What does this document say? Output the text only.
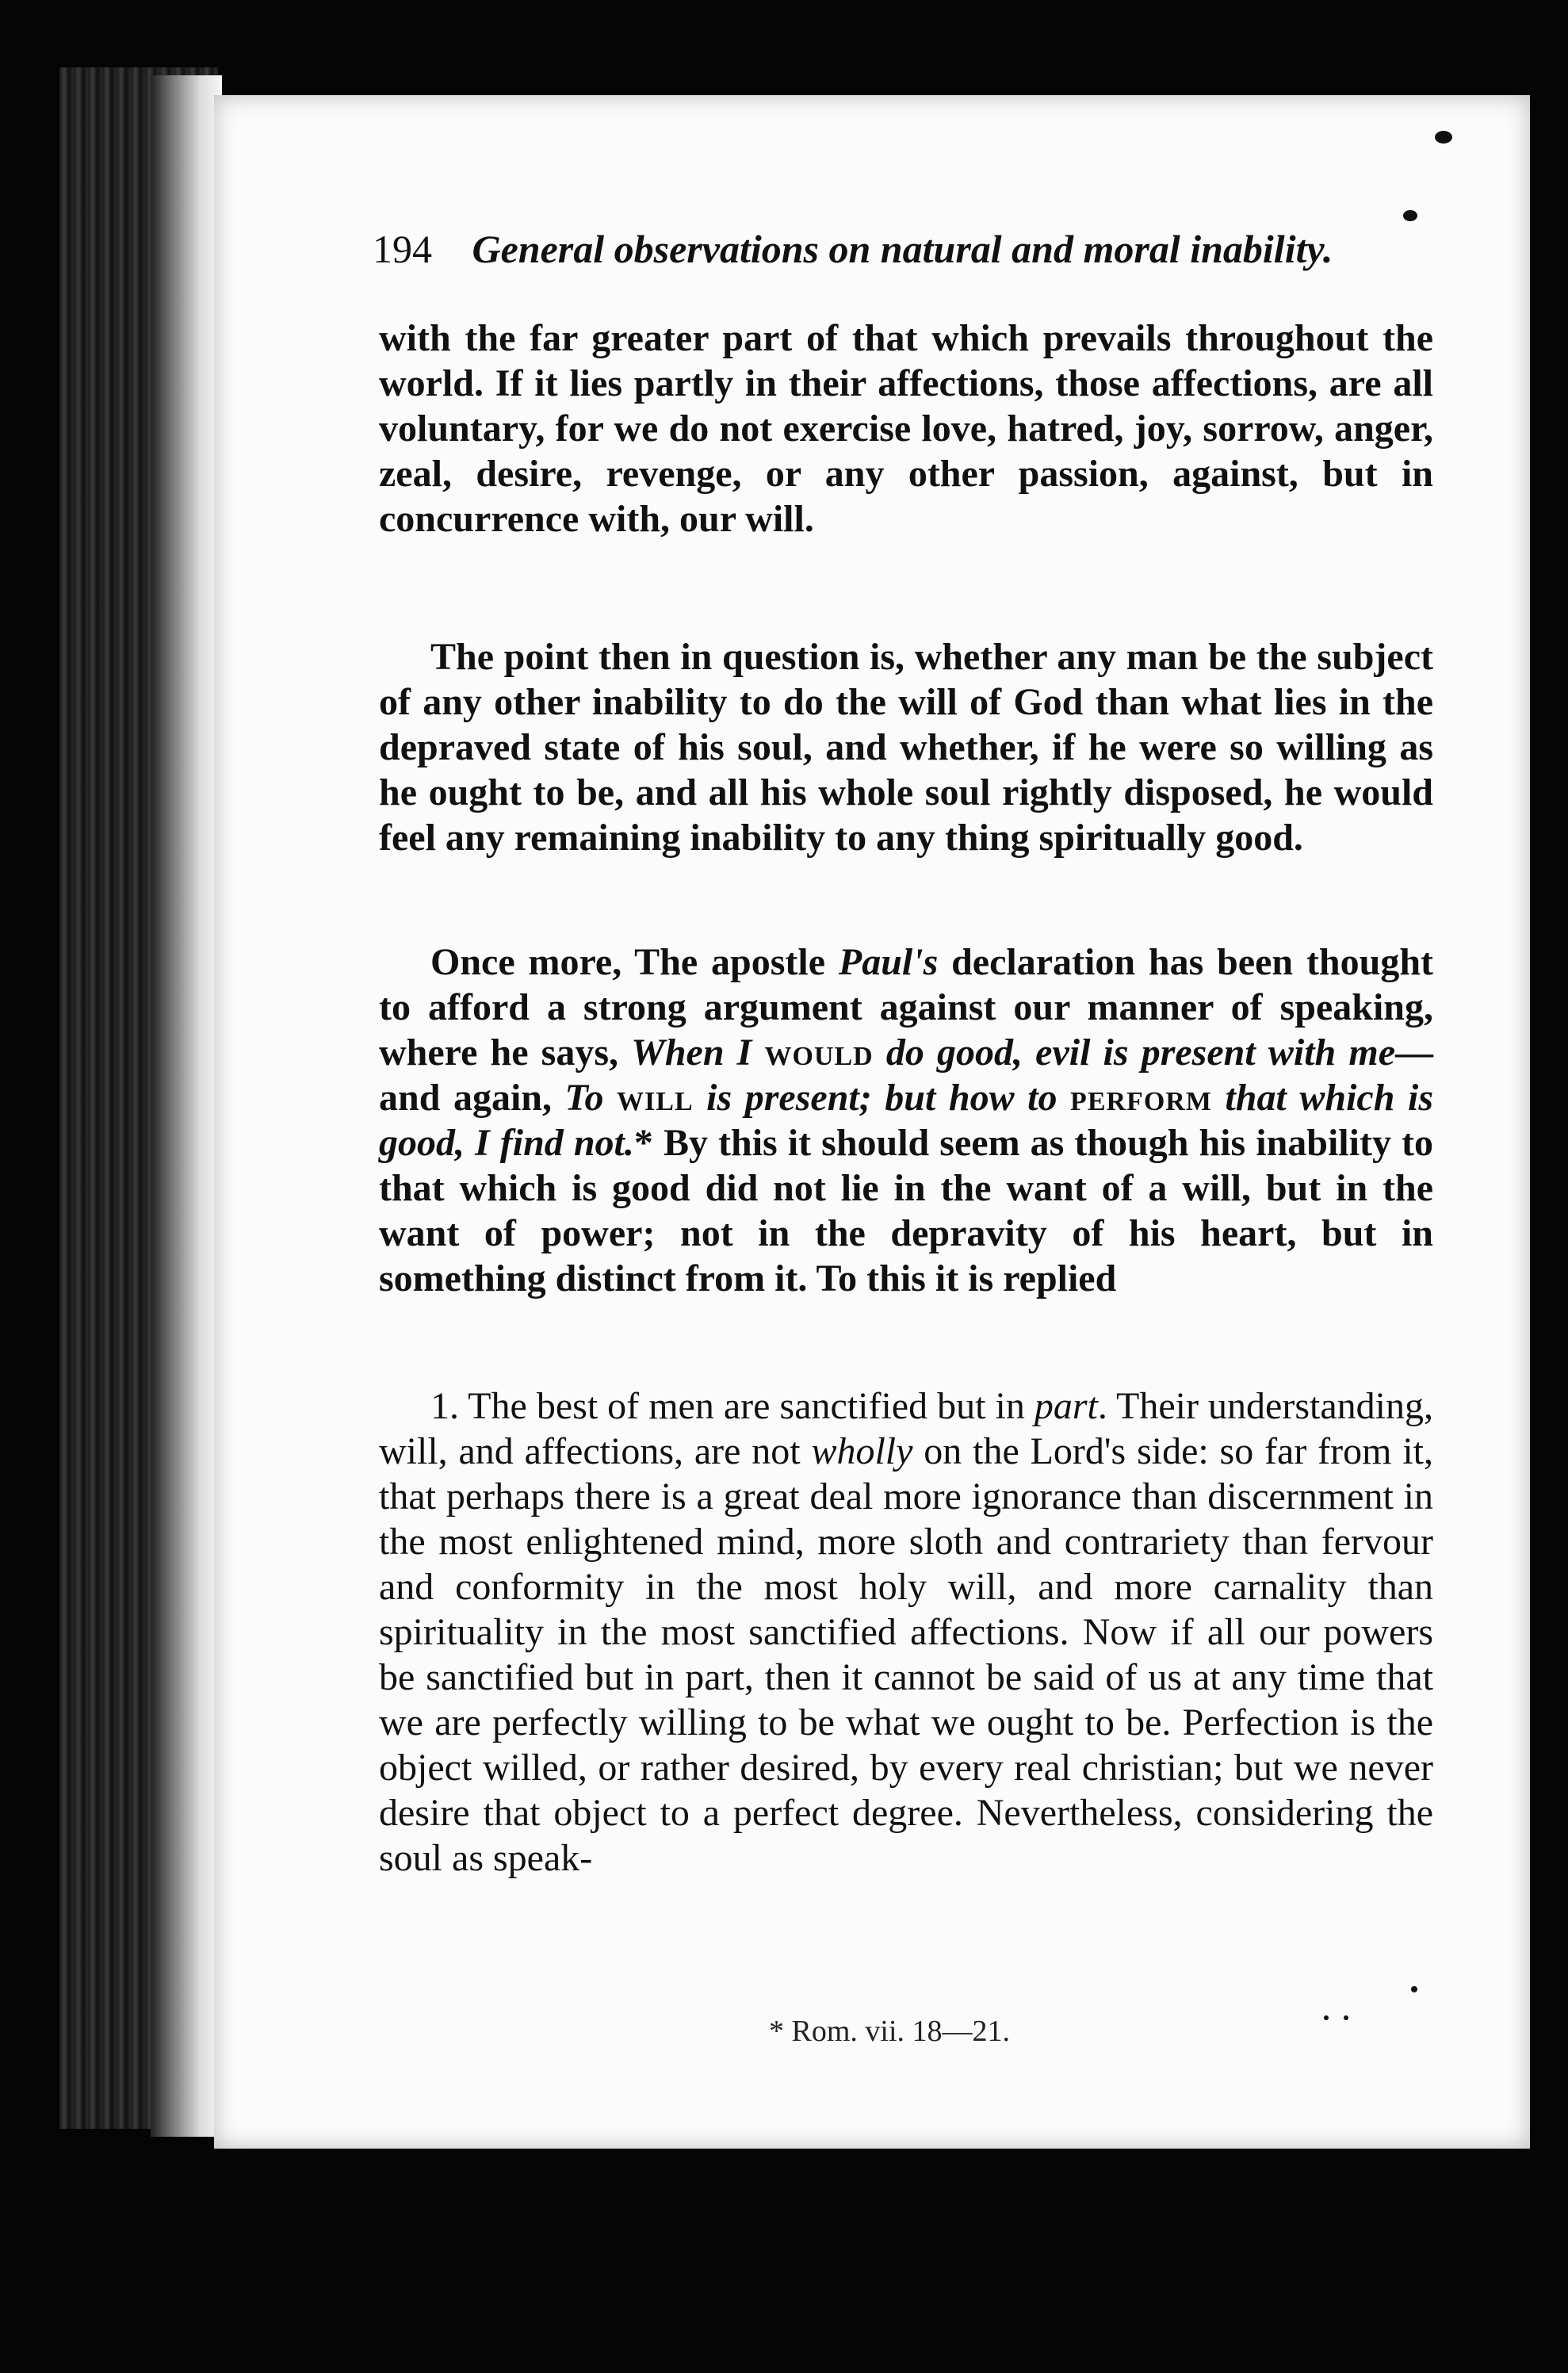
194 General observations on natural and moral inability.

with the far greater part of that which prevails throughout the world. If it lies partly in their affections, those affections, are all voluntary, for we do not exercise love, hatred, joy, sorrow, anger, zeal, desire, revenge, or any other passion, against, but in concurrence with, our will.

The point then in question is, whether any man be the subject of any other inability to do the will of God than what lies in the depraved state of his soul, and whether, if he were so willing as he ought to be, and all his whole soul rightly disposed, he would feel any remaining inability to any thing spiritually good.

Once more, The apostle Paul's declaration has been thought to afford a strong argument against our manner of speaking, where he says, When I would do good, evil is present with me—and again, To will is present; but how to perform that which is good, I find not.* By this it should seem as though his inability to that which is good did not lie in the want of a will, but in the want of power; not in the depravity of his heart, but in something distinct from it. To this it is replied

1. The best of men are sanctified but in part. Their understanding, will, and affections, are not wholly on the Lord's side: so far from it, that perhaps there is a great deal more ignorance than discernment in the most enlightened mind, more sloth and contrariety than fervour and conformity in the most holy will, and more carnality than spirituality in the most sanctified affections. Now if all our powers be sanctified but in part, then it cannot be said of us at any time that we are perfectly willing to be what we ought to be. Perfection is the object willed, or rather desired, by every real christian; but we never desire that object to a perfect degree. Nevertheless, considering the soul as speak-

* Rom. vii. 18—21.
